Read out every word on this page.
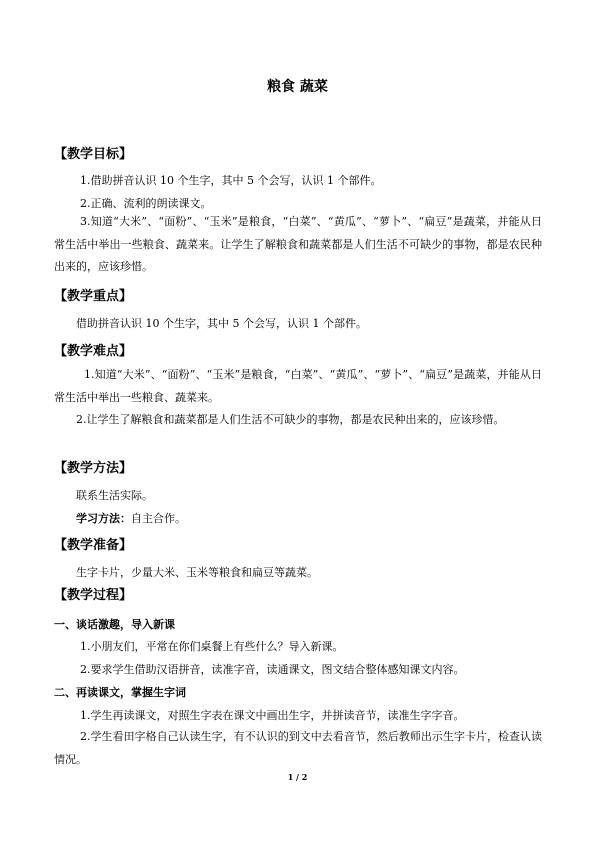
粮食 蔬菜
【教学目标】
1.借助拼音认识 10 个生字，其中 5 个会写，认识 1 个部件。
2.正确、流利的朗读课文。
3.知道“大米”、“面粉”、“玉米”是粮食，“白菜”、“黄瓜”、“萝卜”、“扁豆”是蔬菜，并能从日常生活中举出一些粮食、蔬菜来。让学生了解粮食和蔬菜都是人们生活不可缺少的事物，都是农民种出来的，应该珍惜。
【教学重点】
借助拼音认识 10 个生字，其中 5 个会写，认识 1 个部件。
【教学难点】
1.知道“大米”、“面粉”、“玉米”是粮食，“白菜”、“黄瓜”、“萝卜”、“扁豆”是蔬菜，并能从日常生活中举出一些粮食、蔬菜来。
2.让学生了解粮食和蔬菜都是人们生活不可缺少的事物，都是农民种出来的，应该珍惜。
【教学方法】
联系生活实际。
学习方法：自主合作。
【教学准备】
生字卡片，少量大米、玉米等粮食和扁豆等蔬菜。
【教学过程】
一、谈话激趣，导入新课
1.小朋友们，平常在你们桌餐上有些什么？导入新课。
2.要求学生借助汉语拼音，读准字音，读通课文，图文结合整体感知课文内容。
二、再读课文，掌握生字词
1.学生再读课文，对照生字表在课文中画出生字，并拼读音节，读准生字字音。
2.学生看田字格自己认读生字，有不认识的到文中去看音节，然后教师出示生字卡片，检查认读情况。
1 / 2
